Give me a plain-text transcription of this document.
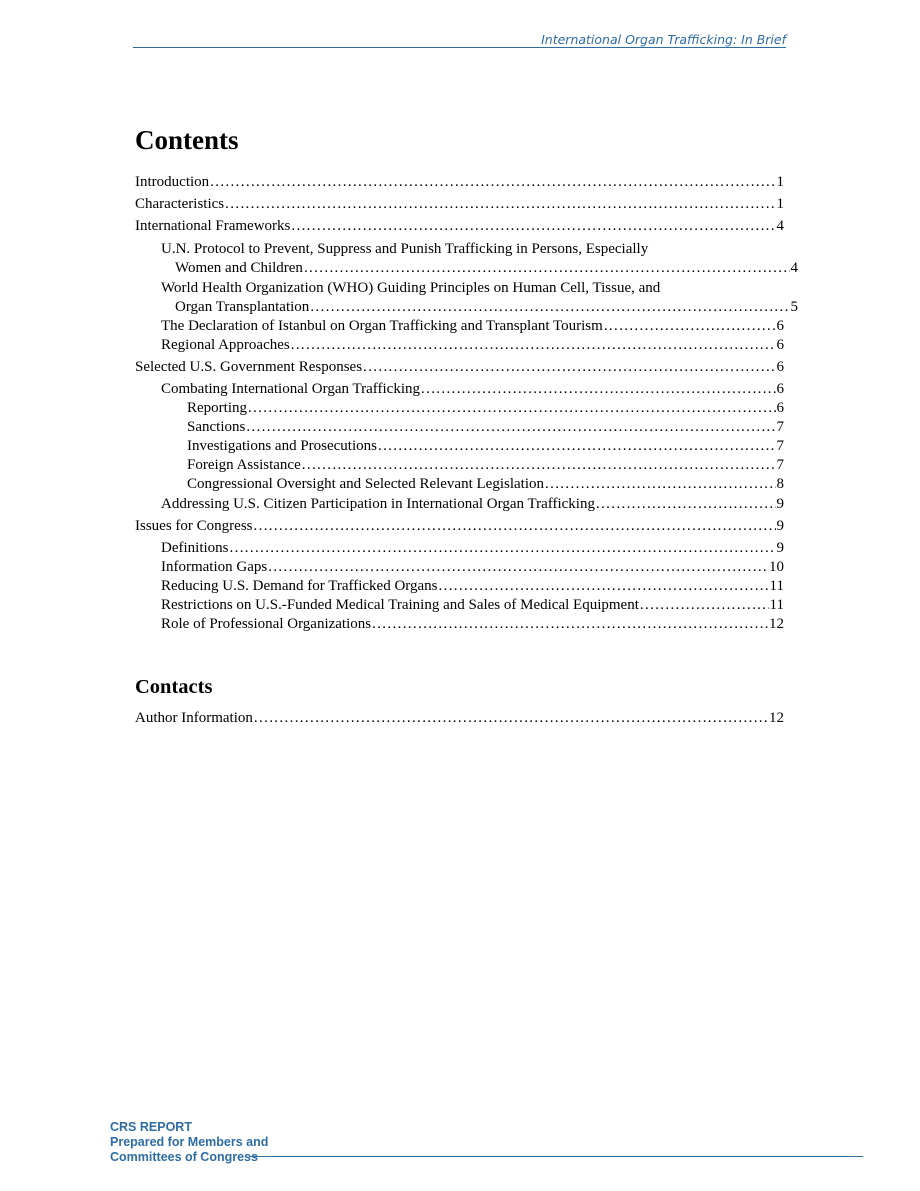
International Organ Trafficking: In Brief
Contents
Introduction . . .	1
Characteristics . . .	1
International Frameworks . . .	4
U.N. Protocol to Prevent, Suppress and Punish Trafficking in Persons, Especially
Women and Children . . .	4
World Health Organization (WHO) Guiding Principles on Human Cell, Tissue, and
Organ Transplantation . . .	5
The Declaration of Istanbul on Organ Trafficking and Transplant Tourism . . .	6
Regional Approaches . . .	6
Selected U.S. Government Responses . . .	6
Combating International Organ Trafficking . . .	6
Reporting . . .	6
Sanctions . . .	7
Investigations and Prosecutions . . .	7
Foreign Assistance . . .	7
Congressional Oversight and Selected Relevant Legislation . . .	8
Addressing U.S. Citizen Participation in International Organ Trafficking . . .	9
Issues for Congress . . .	9
Definitions . . .	9
Information Gaps . . .	10
Reducing U.S. Demand for Trafficked Organs . . .	11
Restrictions on U.S.-Funded Medical Training and Sales of Medical Equipment . . .	11
Role of Professional Organizations . . .	12
Author Information . . .	12
Contacts
CRS REPORT
Prepared for Members and
Committees of Congress
